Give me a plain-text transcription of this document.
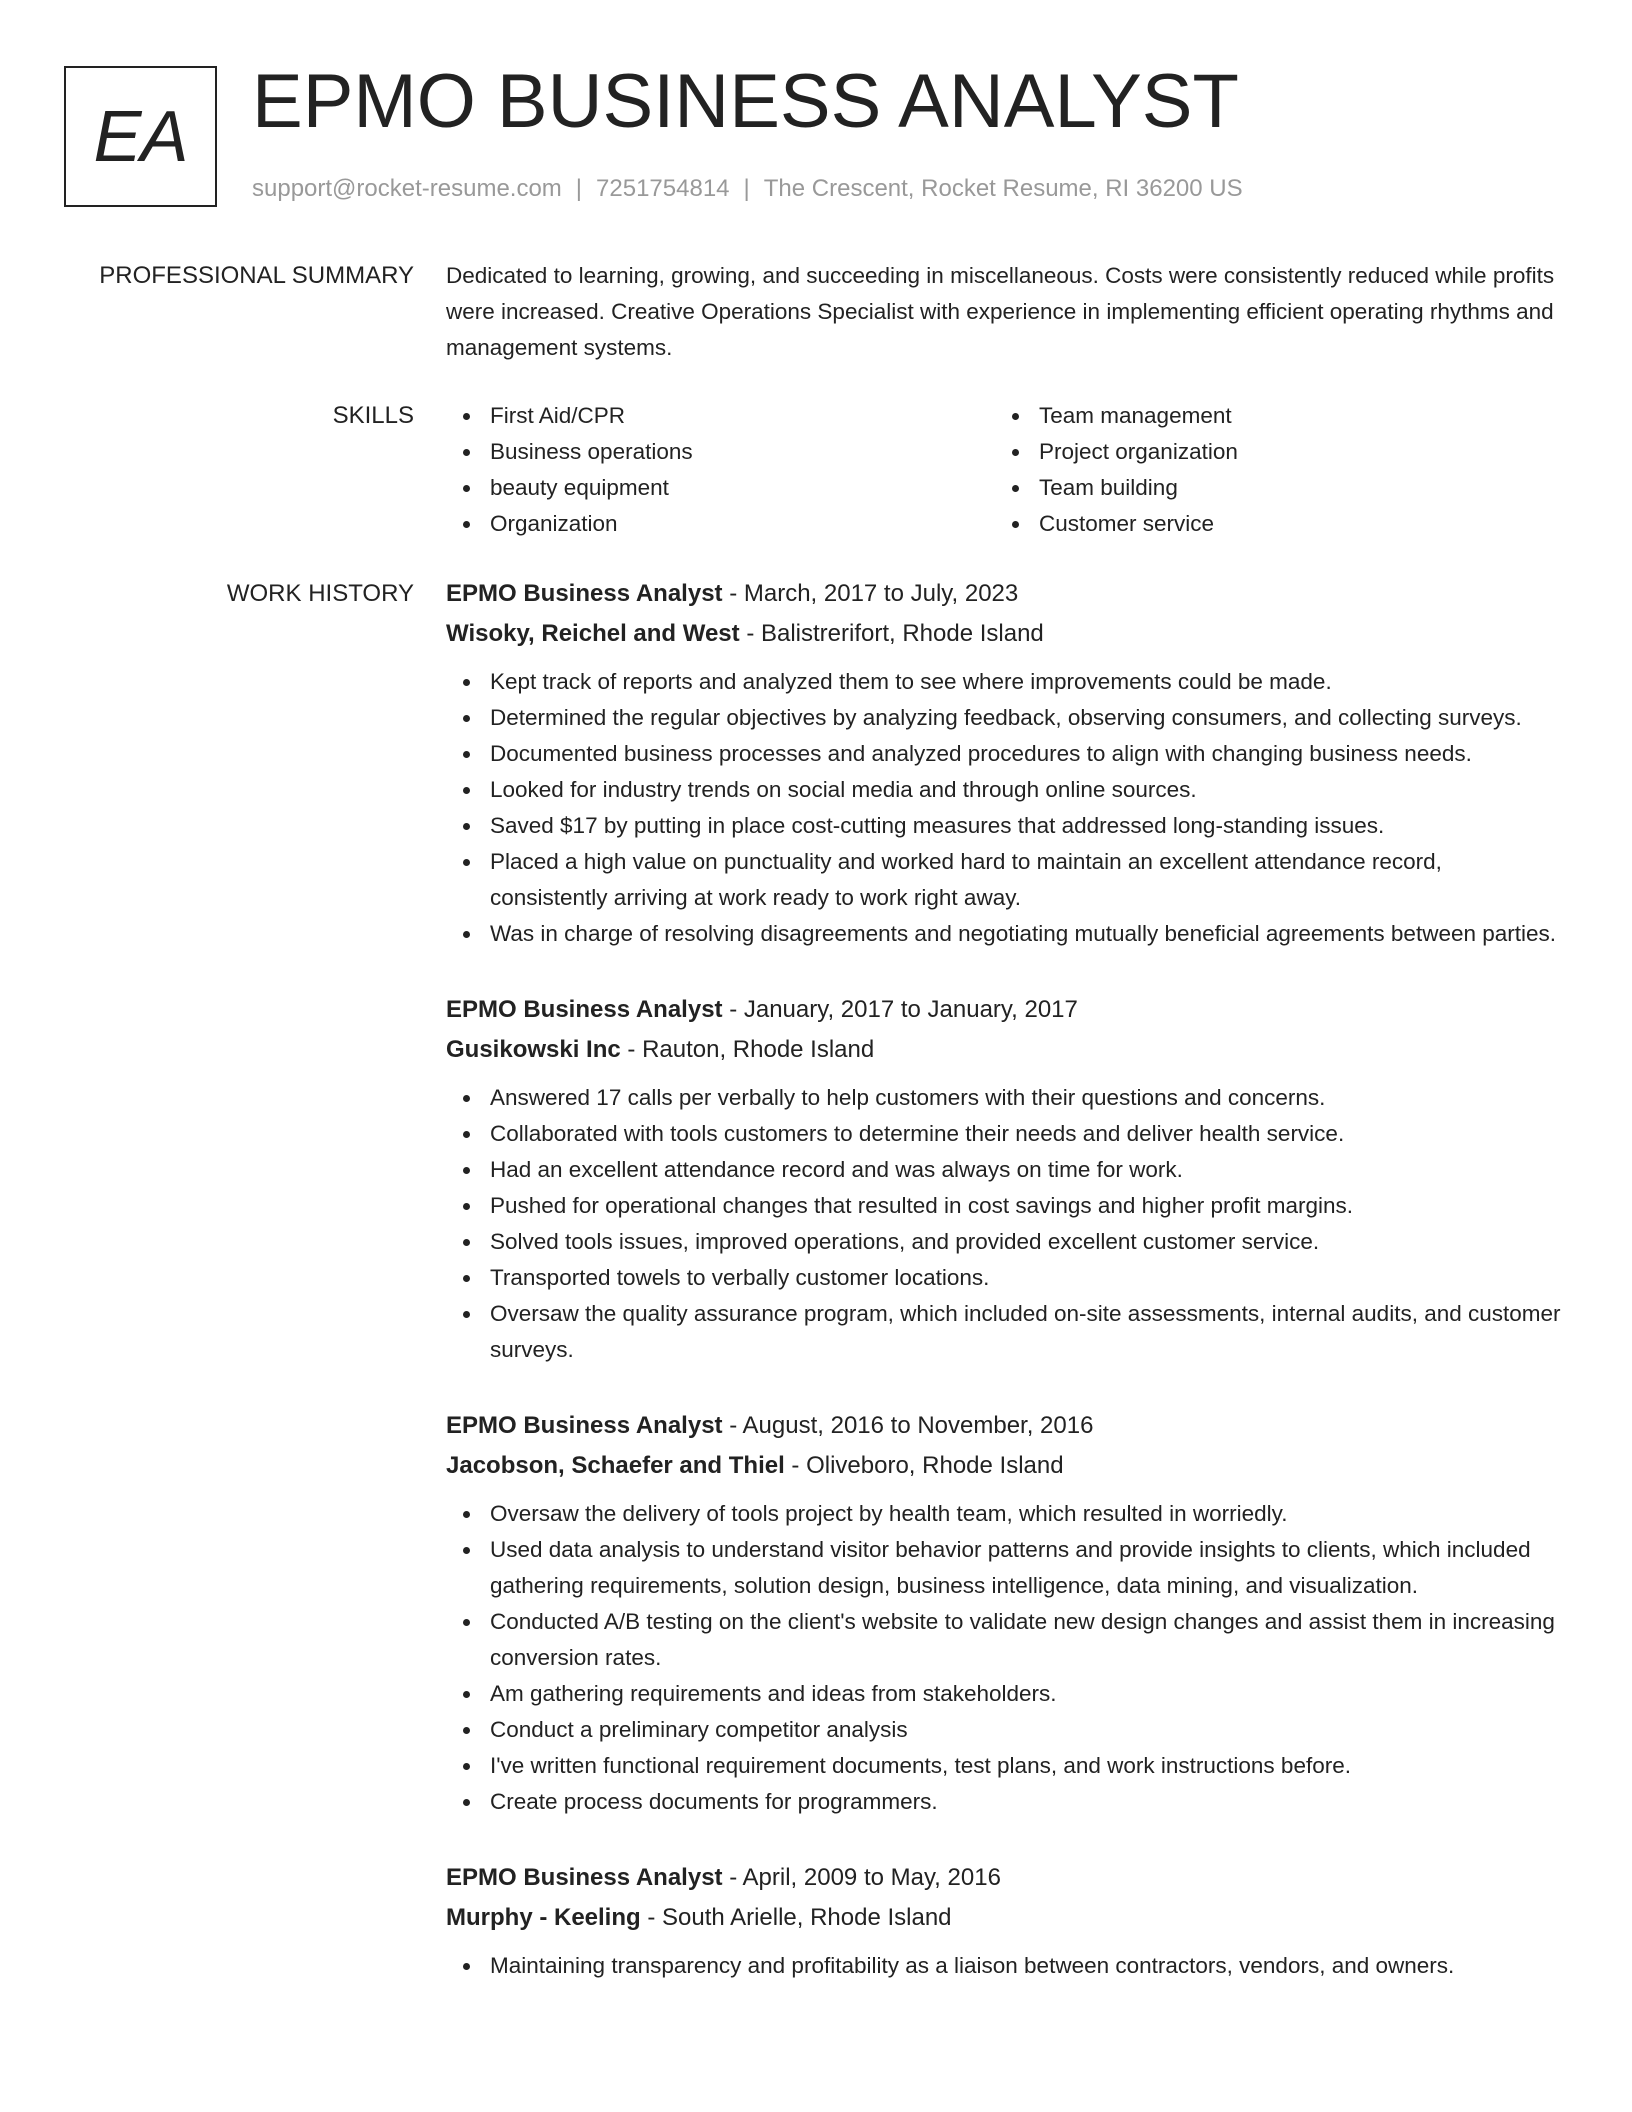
EA EPMO BUSINESS ANALYST
support@rocket-resume.com | 7251754814 | The Crescent, Rocket Resume, RI 36200 US
PROFESSIONAL SUMMARY Dedicated to learning, growing, and succeeding in miscellaneous. Costs were consistently reduced while profits were increased. Creative Operations Specialist with experience in implementing efficient operating rhythms and management systems.

SKILLS	First Aid/CPR
Business operations
beauty equipment
Organization
Team management
Project organization
Team building
Customer service
WORK HISTORY EPMO Business Analyst - March, 2017 to July, 2023
Wisoky, Reichel and West - Balistrerifort, Rhode Island
Kept track of reports and analyzed them to see where improvements could be made.
Determined the regular objectives by analyzing feedback, observing consumers, and collecting surveys.
Documented business processes and analyzed procedures to align with changing business needs.
Looked for industry trends on social media and through online sources.
Saved $17 by putting in place cost-cutting measures that addressed long-standing issues.
Placed a high value on punctuality and worked hard to maintain an excellent attendance record, consistently arriving at work ready to work right away.
Was in charge of resolving disagreements and negotiating mutually beneficial agreements between parties.
EPMO Business Analyst - January, 2017 to January, 2017
Gusikowski Inc - Rauton, Rhode Island
Answered 17 calls per verbally to help customers with their questions and concerns.
Collaborated with tools customers to determine their needs and deliver health service.
Had an excellent attendance record and was always on time for work.
Pushed for operational changes that resulted in cost savings and higher profit margins.
Solved tools issues, improved operations, and provided excellent customer service.
Transported towels to verbally customer locations.
Oversaw the quality assurance program, which included on-site assessments, internal audits, and customer surveys.
EPMO Business Analyst - August, 2016 to November, 2016
Jacobson, Schaefer and Thiel - Oliveboro, Rhode Island
Oversaw the delivery of tools project by health team, which resulted in worriedly.
Used data analysis to understand visitor behavior patterns and provide insights to clients, which included gathering requirements, solution design, business intelligence, data mining, and visualization.
Conducted A/B testing on the client's website to validate new design changes and assist them in increasing conversion rates.
Am gathering requirements and ideas from stakeholders.
Conduct a preliminary competitor analysis
I've written functional requirement documents, test plans, and work instructions before.
Create process documents for programmers.
EPMO Business Analyst - April, 2009 to May, 2016
Murphy - Keeling - South Arielle, Rhode Island
Maintaining transparency and profitability as a liaison between contractors, vendors, and owners.
